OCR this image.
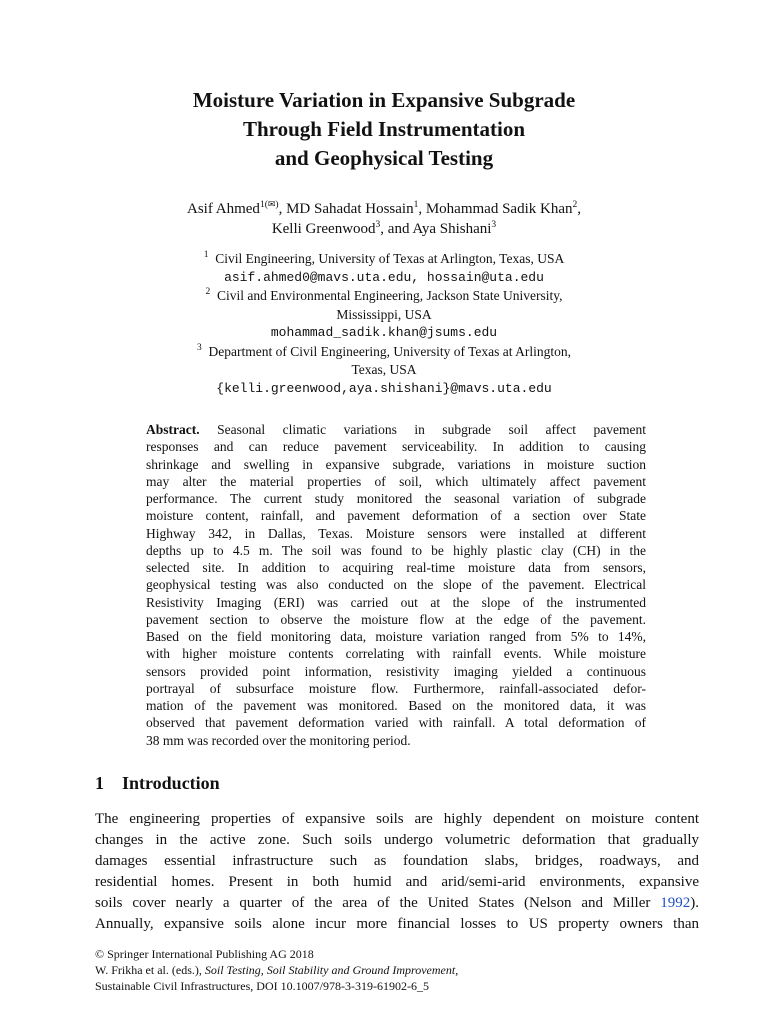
Moisture Variation in Expansive Subgrade
Through Field Instrumentation
and Geophysical Testing
Asif Ahmed$^{1(✉)}$, MD Sahadat Hossain$^1$, Mohammad Sadik Khan$^2$,
Kelli Greenwood$^3$, and Aya Shishani$^3$
$^1$ Civil Engineering, University of Texas at Arlington, Texas, USA
asif.ahmed0@mavs.uta.edu, hossain@uta.edu
$^2$ Civil and Environmental Engineering, Jackson State University,
Mississippi, USA
mohammad_sadik.khan@jsums.edu
$^3$ Department of Civil Engineering, University of Texas at Arlington,
Texas, USA
{kelli.greenwood,aya.shishani}@mavs.uta.edu
Abstract. Seasonal climatic variations in subgrade soil affect pavement
responses and can reduce pavement serviceability. In addition to causing
shrinkage and swelling in expansive subgrade, variations in moisture suction
may alter the material properties of soil, which ultimately affect pavement
performance. The current study monitored the seasonal variation of subgrade
moisture content, rainfall, and pavement deformation of a section over State
Highway 342, in Dallas, Texas. Moisture sensors were installed at different
depths up to 4.5 m. The soil was found to be highly plastic clay (CH) in the
selected site. In addition to acquiring real-time moisture data from sensors,
geophysical testing was also conducted on the slope of the pavement. Electrical
Resistivity Imaging (ERI) was carried out at the slope of the instrumented
pavement section to observe the moisture flow at the edge of the pavement.
Based on the field monitoring data, moisture variation ranged from 5% to 14%,
with higher moisture contents correlating with rainfall events. While moisture
sensors provided point information, resistivity imaging yielded a continuous
portrayal of subsurface moisture flow. Furthermore, rainfall-associated defor-
mation of the pavement was monitored. Based on the monitored data, it was
observed that pavement deformation varied with rainfall. A total deformation of
38 mm was recorded over the monitoring period.
1 Introduction
The engineering properties of expansive soils are highly dependent on moisture content
changes in the active zone. Such soils undergo volumetric deformation that gradually
damages essential infrastructure such as foundation slabs, bridges, roadways, and
residential homes. Present in both humid and arid/semi-arid environments, expansive
soils cover nearly a quarter of the area of the United States (Nelson and Miller 1992).
Annually, expansive soils alone incur more financial losses to US property owners than
© Springer International Publishing AG 2018
W. Frikha et al. (eds.), Soil Testing, Soil Stability and Ground Improvement,
Sustainable Civil Infrastructures, DOI 10.1007/978-3-319-61902-6_5
